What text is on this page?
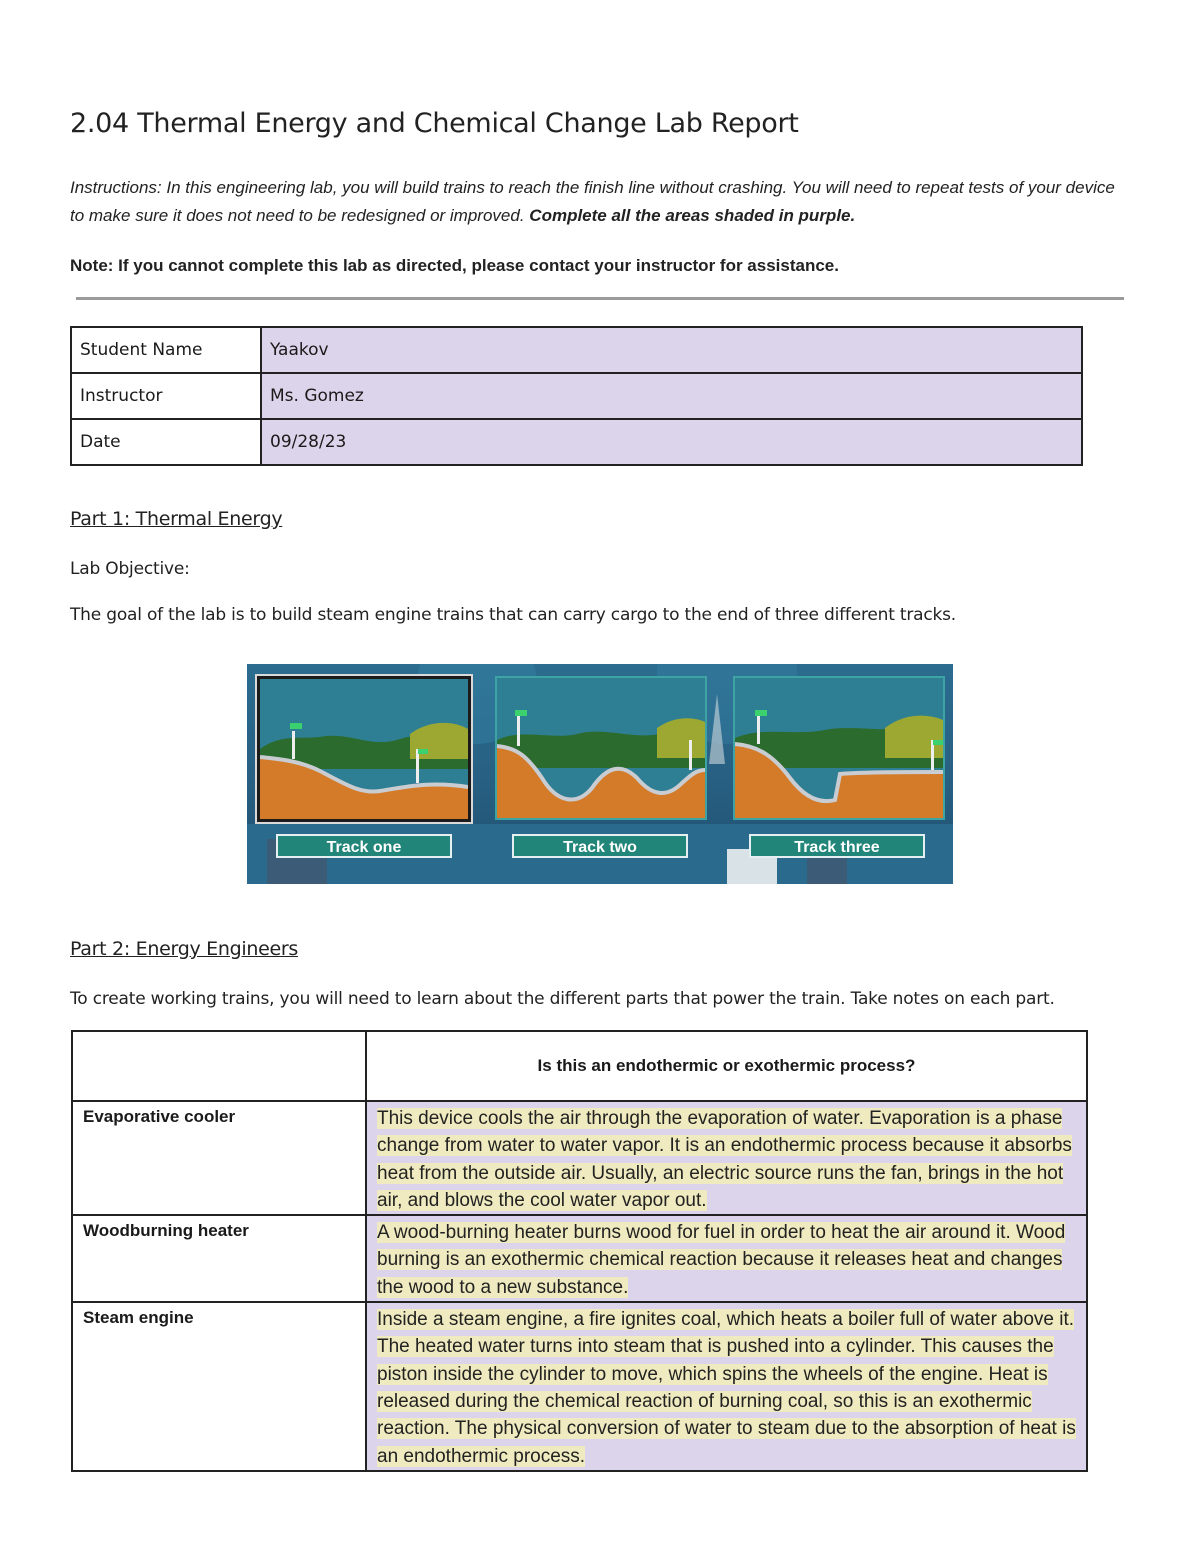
2.04 Thermal Energy and Chemical Change Lab Report
Instructions: In this engineering lab, you will build trains to reach the finish line without crashing. You will need to repeat tests of your device to make sure it does not need to be redesigned or improved. Complete all the areas shaded in purple.
Note: If you cannot complete this lab as directed, please contact your instructor for assistance.
Student Name	Yaakov
Instructor	Ms. Gomez
Date	09/28/23
Part 1: Thermal Energy
Lab Objective:
The goal of the lab is to build steam engine trains that can carry cargo to the end of three different tracks.
Track one	Track two	Track three
Part 2: Energy Engineers
To create working trains, you will need to learn about the different parts that power the train. Take notes on each part.
	Is this an endothermic or exothermic process?
Evaporative cooler	This device cools the air through the evaporation of water. Evaporation is a phase change from water to water vapor. It is an endothermic process because it absorbs heat from the outside air. Usually, an electric source runs the fan, brings in the hot air, and blows the cool water vapor out.
Woodburning heater	A wood-burning heater burns wood for fuel in order to heat the air around it. Wood burning is an exothermic chemical reaction because it releases heat and changes the wood to a new substance.
Steam engine	Inside a steam engine, a fire ignites coal, which heats a boiler full of water above it. The heated water turns into steam that is pushed into a cylinder. This causes the piston inside the cylinder to move, which spins the wheels of the engine. Heat is released during the chemical reaction of burning coal, so this is an exothermic reaction. The physical conversion of water to steam due to the absorption of heat is an endothermic process.
